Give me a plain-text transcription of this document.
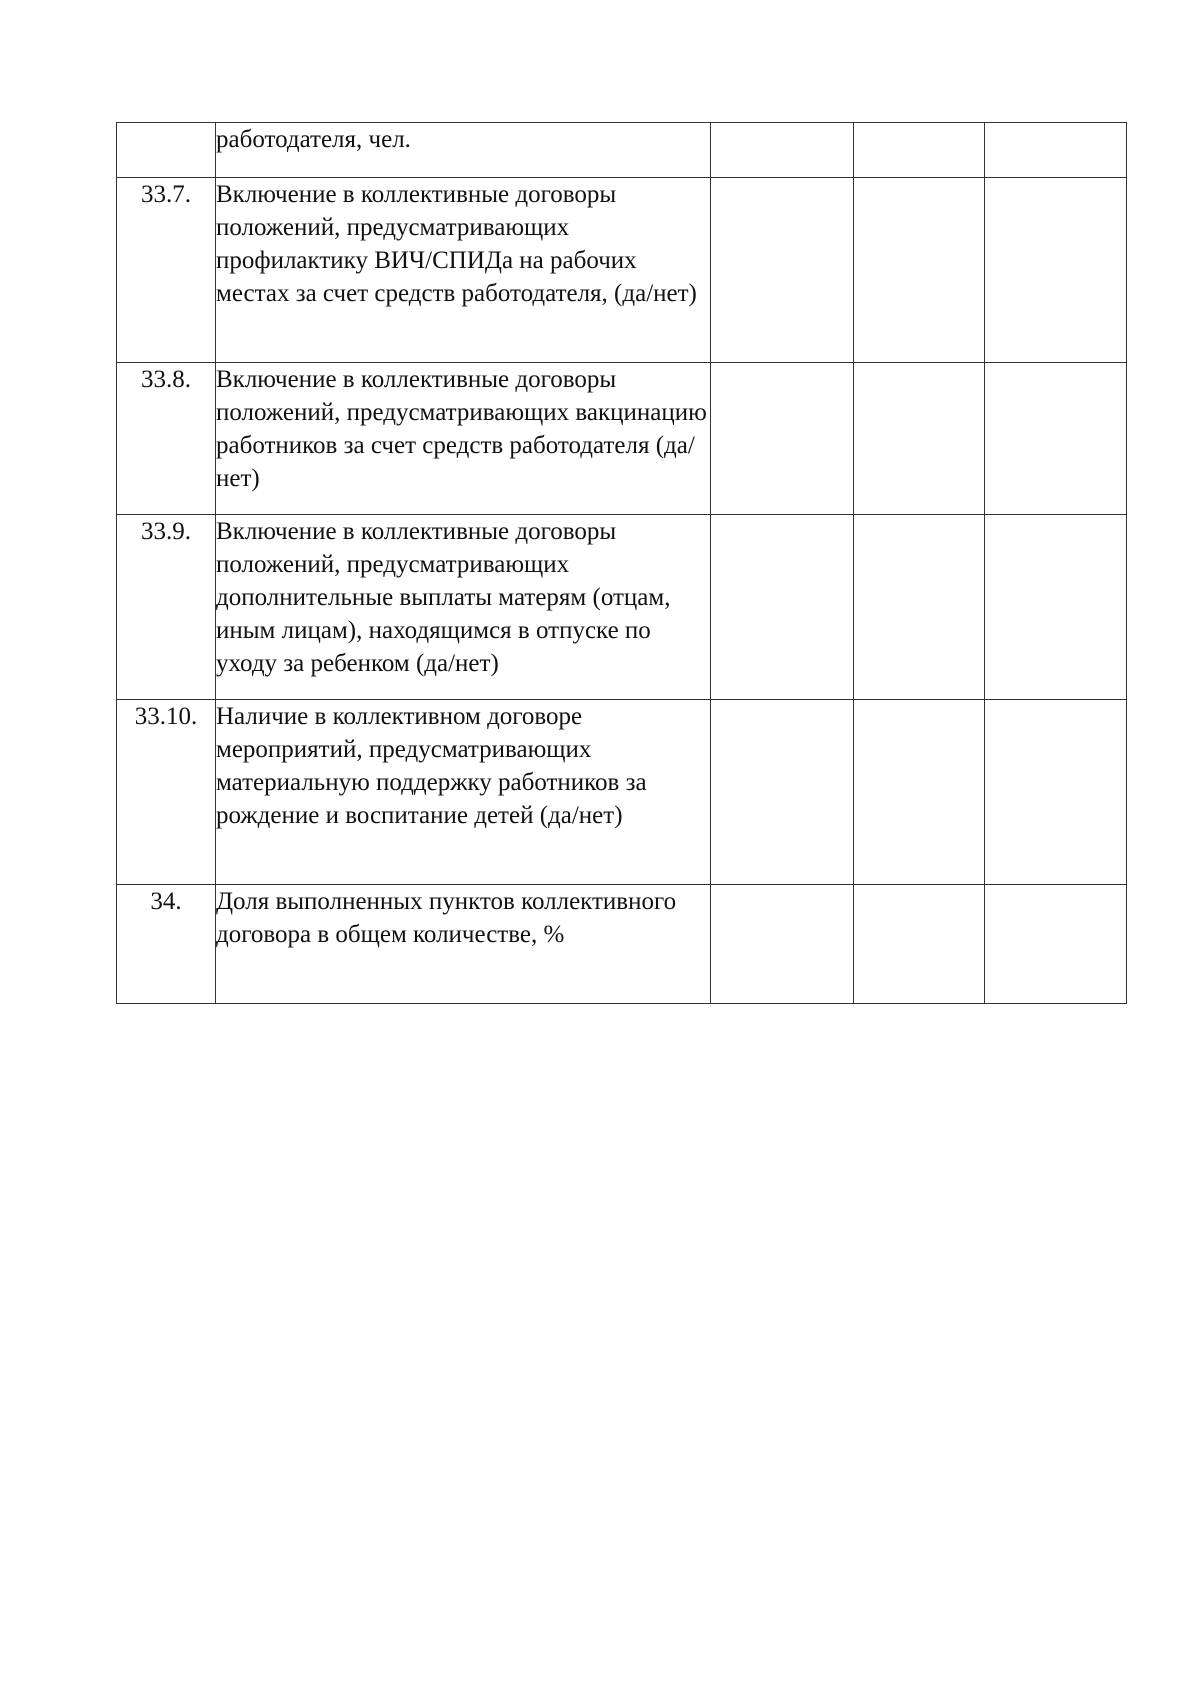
	работодателя, чел.			

33.7.	Включение в коллективные договоры положений, предусматривающих профилактику ВИЧ/СПИДа на рабочих местах за счет средств работодателя, (да/нет)			

33.8.	Включение в коллективные договоры положений, предусматривающих вакцинацию работников за счет средств работодателя (да/нет)			

33.9.	Включение в коллективные договоры положений, предусматривающих дополнительные выплаты матерям (отцам, иным лицам), находящимся в отпуске по уходу за ребенком (да/нет)			

33.10.	Наличие в коллективном договоре мероприятий, предусматривающих материальную поддержку работников за рождение и воспитание детей (да/нет)			

34.	Доля выполненных пунктов коллективного договора в общем количестве, %			
